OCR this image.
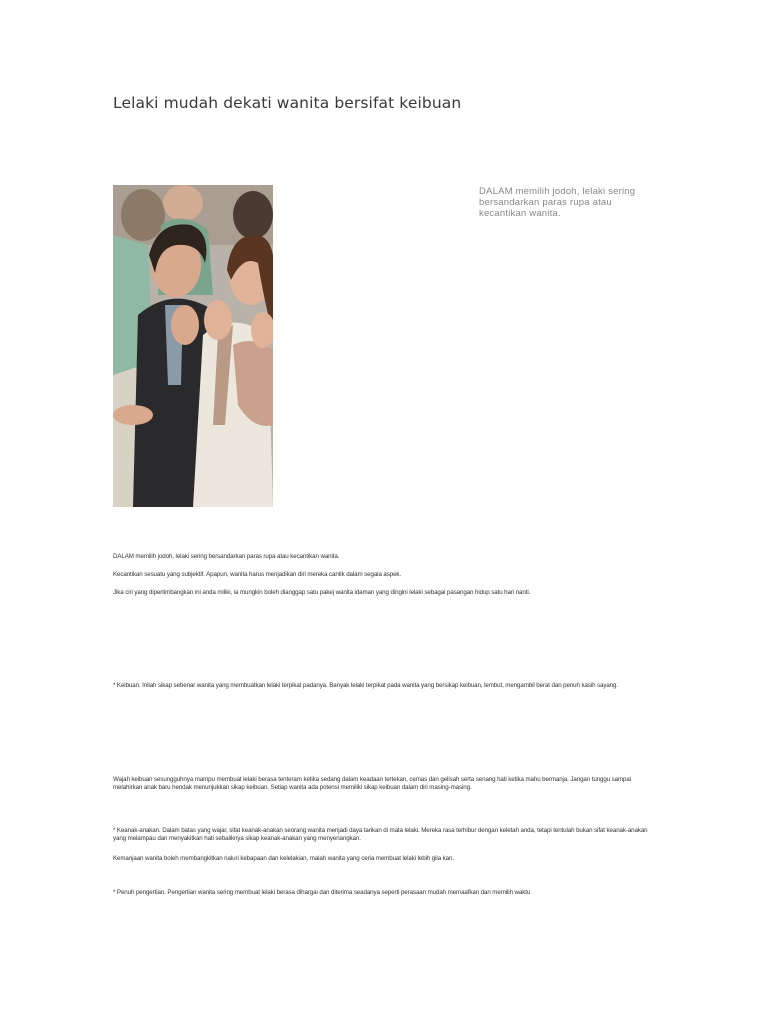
Lelaki mudah dekati wanita bersifat keibuan

DALAM memilih jodoh, lelaki sering bersandarkan paras rupa atau kecantikan wanita.

DALAM memilih jodoh, lelaki sering bersandarkan paras rupa atau kecantikan wanita.

Kecantikan sesuatu yang subjektif. Apapun, wanita harus menjadikan diri mereka cantik dalam segala aspek.

Jika ciri yang dipertimbangkan ini anda miliki, ia mungkin boleh dianggap satu pakej wanita idaman yang dingini lelaki sebagai pasangan hidup satu hari nanti.

* Keibuan. Inilah sikap sebenar wanita yang membuatkan lelaki terpikat padanya. Banyak lelaki terpikat pada wanita yang bersikap keibuan, lembut, mengambil berat dan penuh kasih sayang.

Wajah keibuan sesungguhnya mampu membuat lelaki berasa tenteram ketika sedang dalam keadaan tertekan, cemas dan gelisah serta senang hati ketika mahu bermanja. Jangan tunggu sampai melahirkan anak baru hendak menunjukkan sikap keibuan. Setiap wanita ada potensi memiliki sikap keibuan dalam diri masing-masing.

* Keanak-anakan. Dalam batas yang wajar, sifat keanak-anakan seorang wanita menjadi daya tarikan di mata lelaki. Mereka rasa terhibur dengan keletah anda, tetapi tentulah bukan sifat keanak-anakan yang melampau dan menyakitkan hati sebaliknya sikap keanak-anakan yang menyenangkan.

Kemanjaan wanita boleh membangkitkan naluri kebapaan dan kelelakian, malah wanita yang ceria membuat lelaki lebih gila kan.

* Penuh pengertian. Pengertian wanita sering membuat lelaki berasa dihargai dan diterima seadanya seperti perasaan mudah memaafkan dan memilih waktu
